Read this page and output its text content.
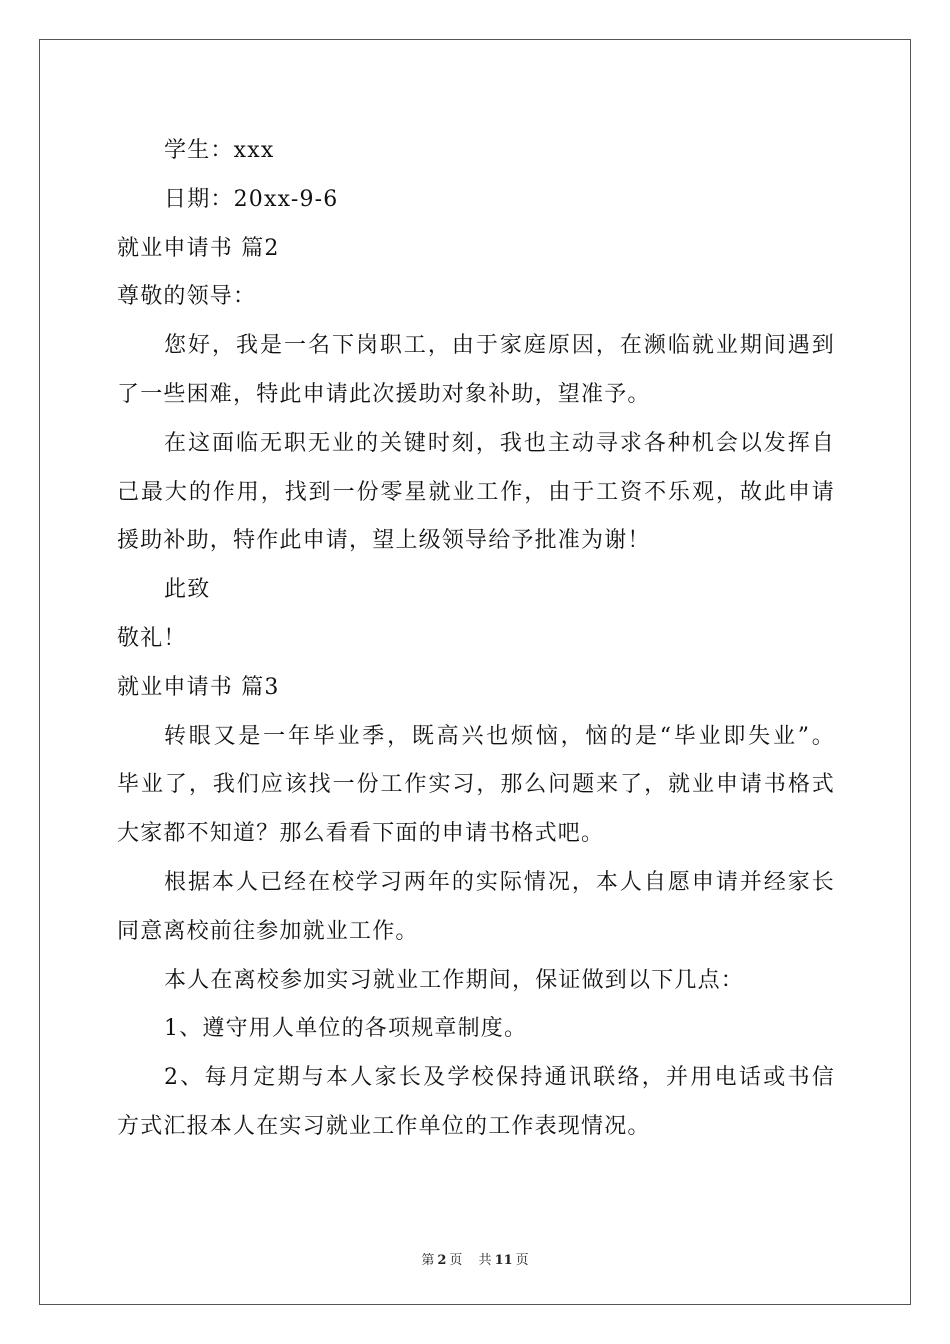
学生：xxx
日期：20xx-9-6
就业申请书 篇2
尊敬的领导：
您好，我是一名下岗职工，由于家庭原因，在濒临就业期间遇到
了一些困难，特此申请此次援助对象补助，望准予。
在这面临无职无业的关键时刻，我也主动寻求各种机会以发挥自
己最大的作用，找到一份零星就业工作，由于工资不乐观，故此申请
援助补助，特作此申请，望上级领导给予批准为谢！
此致
敬礼！
就业申请书 篇3
转眼又是一年毕业季，既高兴也烦恼，恼的是“毕业即失业”。
毕业了，我们应该找一份工作实习，那么问题来了，就业申请书格式
大家都不知道？那么看看下面的申请书格式吧。
根据本人已经在校学习两年的实际情况，本人自愿申请并经家长
同意离校前往参加就业工作。
本人在离校参加实习就业工作期间，保证做到以下几点：
1、遵守用人单位的各项规章制度。
2、每月定期与本人家长及学校保持通讯联络，并用电话或书信
方式汇报本人在实习就业工作单位的工作表现情况。
第 2 页 共 11 页
